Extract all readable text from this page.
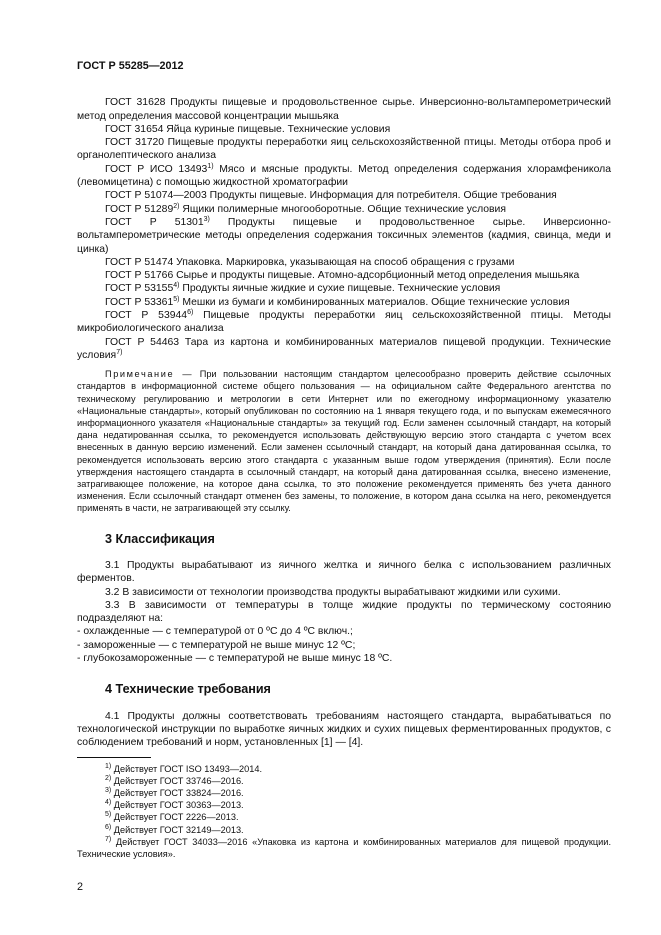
ГОСТ Р 55285—2012

ГОСТ 31628 Продукты пищевые и продовольственное сырье. Инверсионно-вольтамперометрический метод определения массовой концентрации мышьяка

ГОСТ 31654 Яйца куриные пищевые. Технические условия

ГОСТ 31720 Пищевые продукты переработки яиц сельскохозяйственной птицы. Методы отбора проб и органолептического анализа

ГОСТ Р ИСО 13493$^{1)}$ Мясо и мясные продукты. Метод определения содержания хлорамфеникола (левомицетина) с помощью жидкостной хроматографии

ГОСТ Р 51074—2003 Продукты пищевые. Информация для потребителя. Общие требования

ГОСТ Р 51289$^{2)}$ Ящики полимерные многооборотные. Общие технические условия

ГОСТ Р 51301$^{3)}$ Продукты пищевые и продовольственное сырье. Инверсионно-вольтамперометрические методы определения содержания токсичных элементов (кадмия, свинца, меди и цинка)

ГОСТ Р 51474 Упаковка. Маркировка, указывающая на способ обращения с грузами

ГОСТ Р 51766 Сырье и продукты пищевые. Атомно-адсорбционный метод определения мышьяка

ГОСТ Р 53155$^{4)}$ Продукты яичные жидкие и сухие пищевые. Технические условия

ГОСТ Р 53361$^{5)}$ Мешки из бумаги и комбинированных материалов. Общие технические условия

ГОСТ Р 53944$^{6)}$ Пищевые продукты переработки яиц сельскохозяйственной птицы. Методы микробиологического анализа

ГОСТ Р 54463 Тара из картона и комбинированных материалов пищевой продукции. Технические условия$^{7)}$

Примечание — При пользовании настоящим стандартом целесообразно проверить действие ссылочных стандартов в информационной системе общего пользования — на официальном сайте Федерального агентства по техническому регулированию и метрологии в сети Интернет или по ежегодному информационному указателю «Национальные стандарты», который опубликован по состоянию на 1 января текущего года, и по выпускам ежемесячного информационного указателя «Национальные стандарты» за текущий год. Если заменен ссылочный стандарт, на который дана недатированная ссылка, то рекомендуется использовать действующую версию этого стандарта с учетом всех внесенных в данную версию изменений. Если заменен ссылочный стандарт, на который дана датированная ссылка, то рекомендуется использовать версию этого стандарта с указанным выше годом утверждения (принятия). Если после утверждения настоящего стандарта в ссылочный стандарт, на который дана датированная ссылка, внесено изменение, затрагивающее положение, на которое дана ссылка, то это положение рекомендуется применять без учета данного изменения. Если ссылочный стандарт отменен без замены, то положение, в котором дана ссылка на него, рекомендуется применять в части, не затрагивающей эту ссылку.

3 Классификация

3.1 Продукты вырабатывают из яичного желтка и яичного белка с использованием различных ферментов.

3.2 В зависимости от технологии производства продукты вырабатывают жидкими или сухими.

3.3 В зависимости от температуры в толще жидкие продукты по термическому состоянию подразделяют на:

- охлажденные — с температурой от 0 ºС до 4 ºС включ.;

- замороженные — с температурой не выше минус 12 ºС;

- глубокозамороженные — с температурой не выше минус 18 ºС.

4 Технические требования

4.1 Продукты должны соответствовать требованиям настоящего стандарта, вырабатываться по технологической инструкции по выработке яичных жидких и сухих пищевых ферментированных продуктов, с соблюдением требований и норм, установленных [1] — [4].

$^{1)}$ Действует ГОСТ ISO 13493—2014.

$^{2)}$ Действует ГОСТ 33746—2016.

$^{3)}$ Действует ГОСТ 33824—2016.

$^{4)}$ Действует ГОСТ 30363—2013.

$^{5)}$ Действует ГОСТ 2226—2013.

$^{6)}$ Действует ГОСТ 32149—2013.

$^{7)}$ Действует ГОСТ 34033—2016 «Упаковка из картона и комбинированных материалов для пищевой продукции. Технические условия».

2
